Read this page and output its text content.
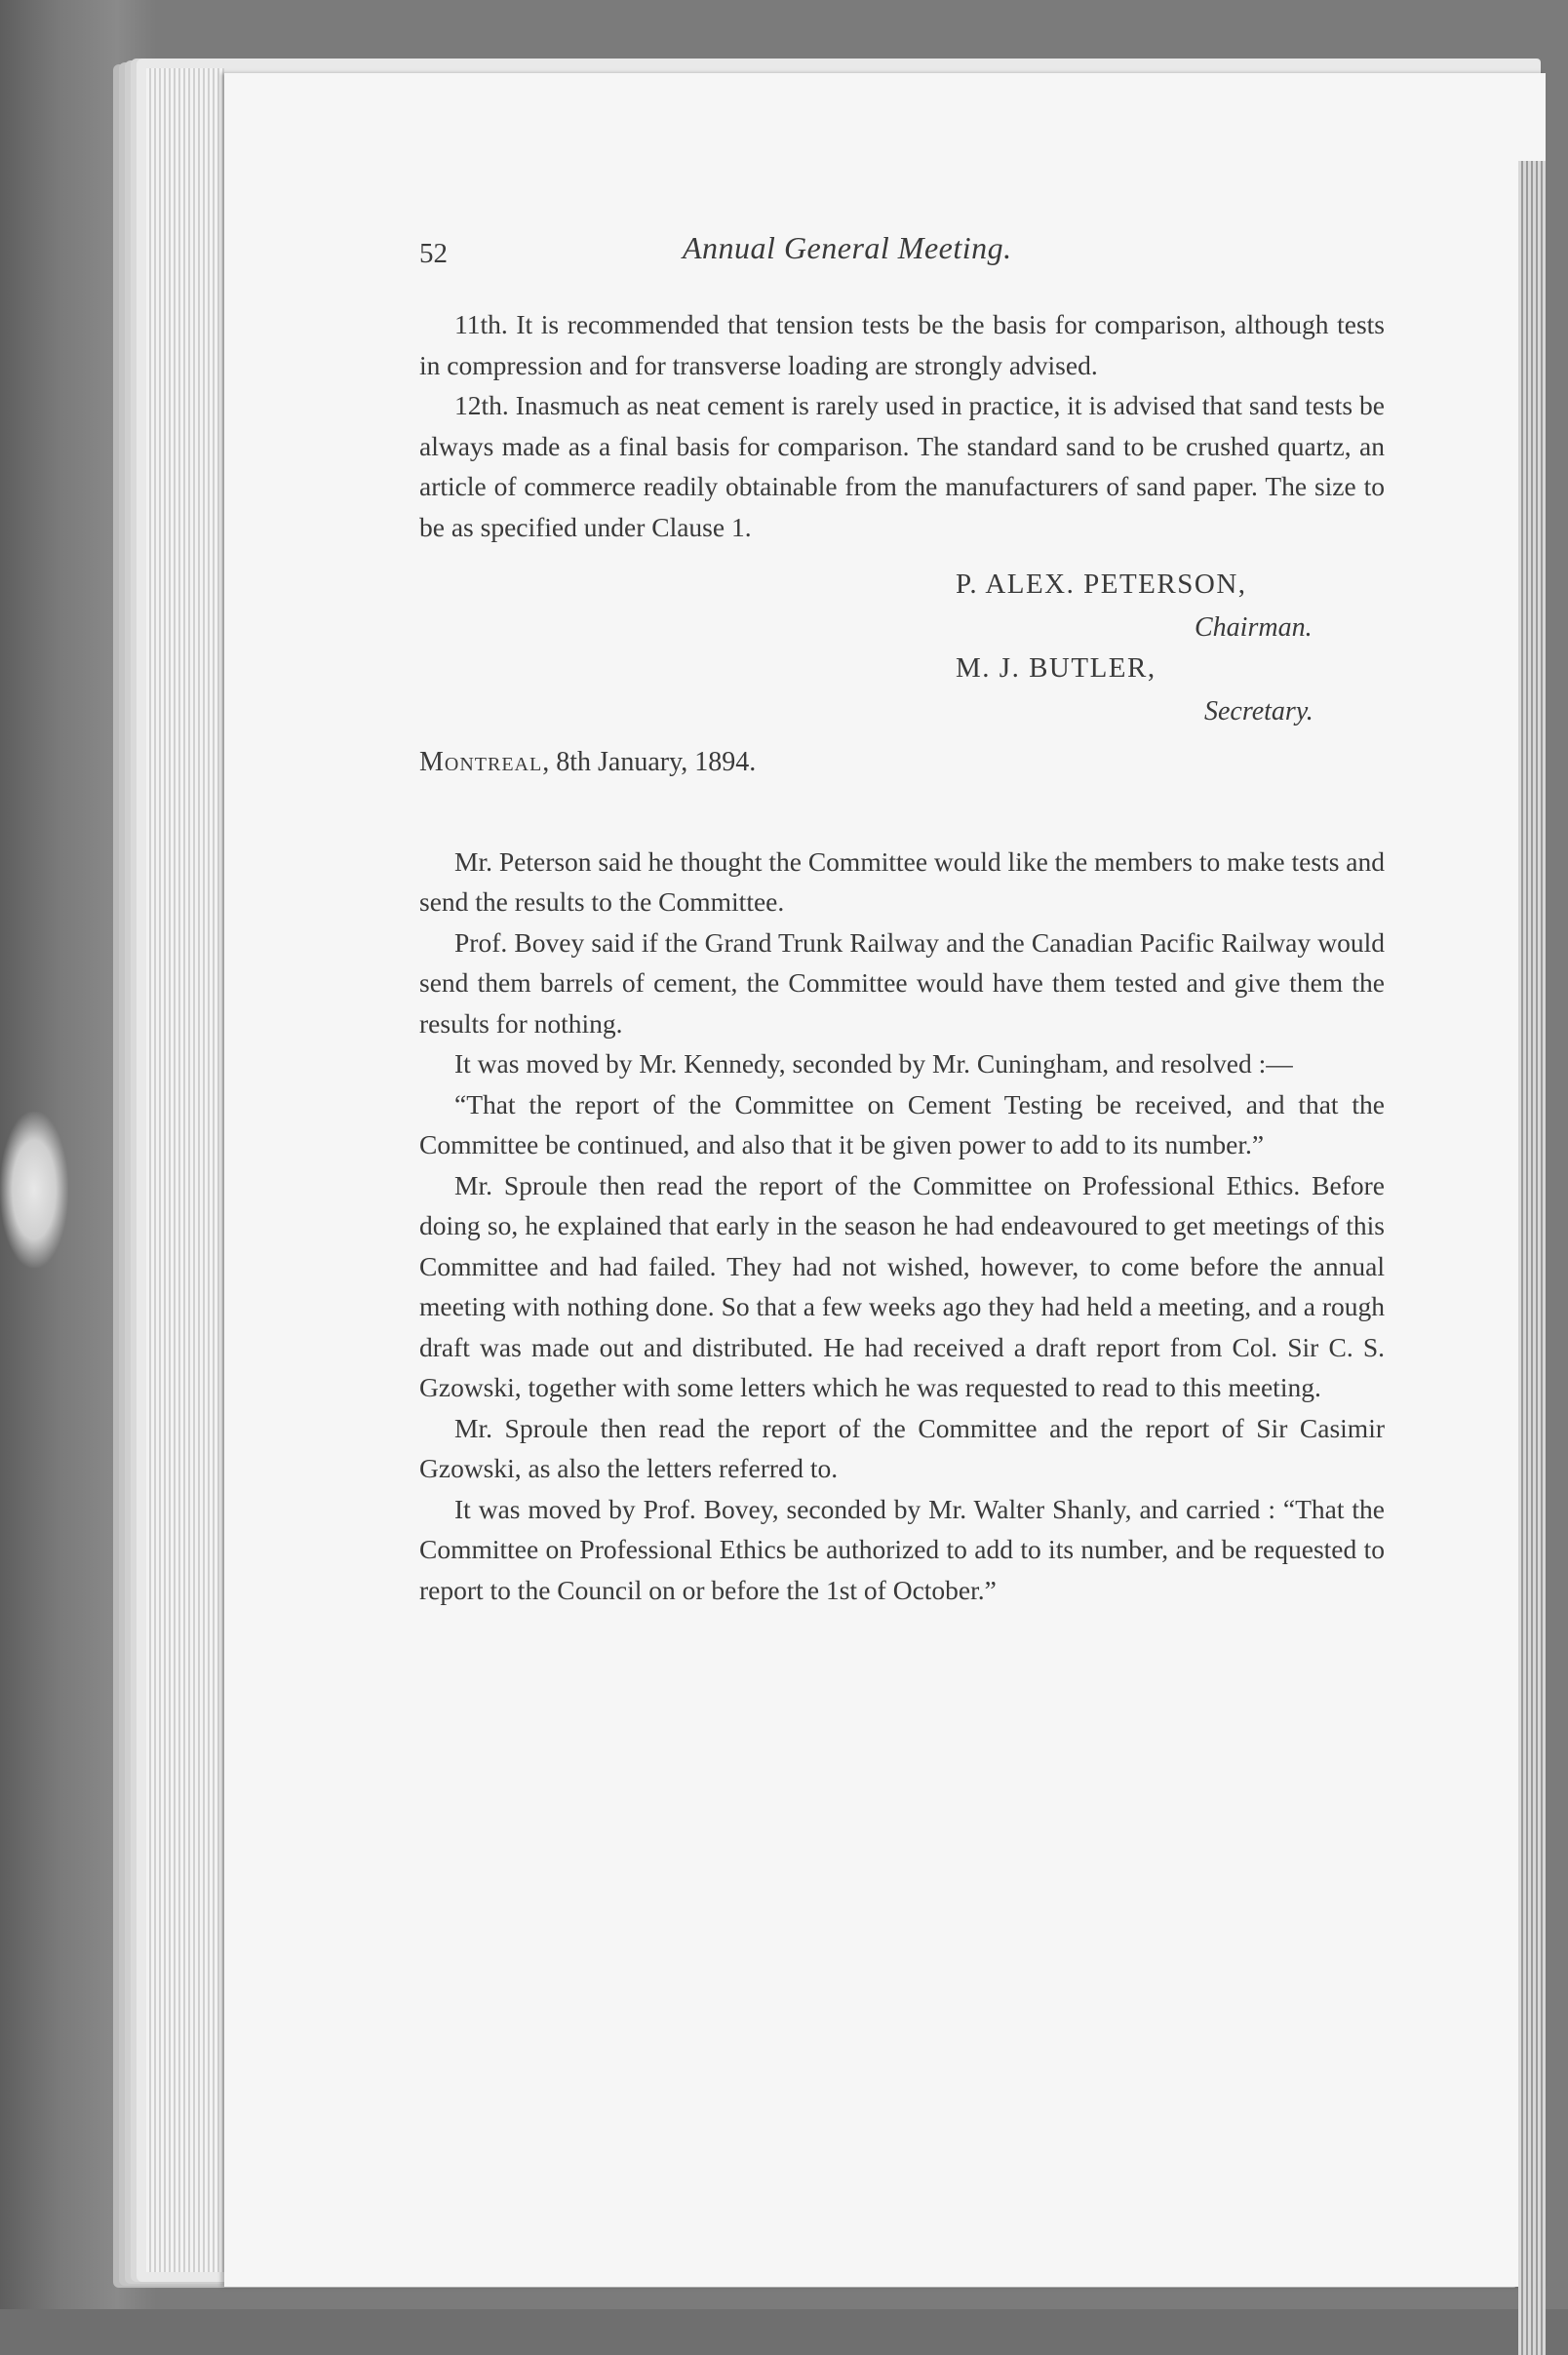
52	Annual General Meeting.

11th. It is recommended that tension tests be the basis for comparison, although tests in compression and for transverse loading are strongly advised.

12th. Inasmuch as neat cement is rarely used in practice, it is advised that sand tests be always made as a final basis for comparison. The standard sand to be crushed quartz, an article of commerce readily obtainable from the manufacturers of sand paper. The size to be as specified under Clause 1.

P. ALEX. PETERSON,
Chairman.
M. J. BUTLER,
Secretary.
Montreal, 8th January, 1894.

Mr. Peterson said he thought the Committee would like the members to make tests and send the results to the Committee.

Prof. Bovey said if the Grand Trunk Railway and the Canadian Pacific Railway would send them barrels of cement, the Committee would have them tested and give them the results for nothing.

It was moved by Mr. Kennedy, seconded by Mr. Cuningham, and resolved :—

“That the report of the Committee on Cement Testing be received, and that the Committee be continued, and also that it be given power to add to its number.”

Mr. Sproule then read the report of the Committee on Professional Ethics. Before doing so, he explained that early in the season he had endeavoured to get meetings of this Committee and had failed. They had not wished, however, to come before the annual meeting with nothing done. So that a few weeks ago they had held a meeting, and a rough draft was made out and distributed. He had received a draft report from Col. Sir C. S. Gzowski, together with some letters which he was requested to read to this meeting.

Mr. Sproule then read the report of the Committee and the report of Sir Casimir Gzowski, as also the letters referred to.

It was moved by Prof. Bovey, seconded by Mr. Walter Shanly, and carried : “That the Committee on Professional Ethics be authorized to add to its number, and be requested to report to the Council on or before the 1st of October.”
